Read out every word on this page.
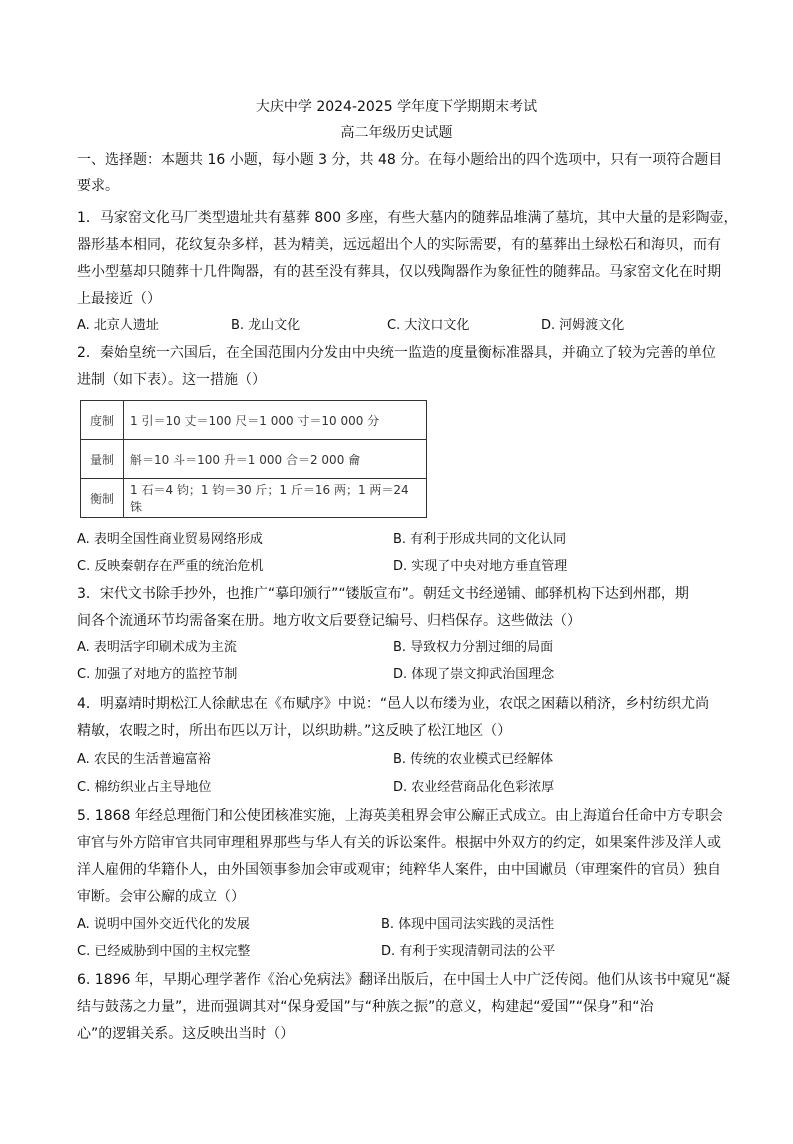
大庆中学 2024-2025 学年度下学期期末考试
高二年级历史试题
一、选择题：本题共 16 小题，每小题 3 分，共 48 分。在每小题给出的四个选项中，只有一项符合题目
要求。
1．马家窑文化马厂类型遗址共有墓葬 800 多座，有些大墓内的随葬品堆满了墓坑，其中大量的是彩陶壶，
器形基本相同，花纹复杂多样，甚为精美，远远超出个人的实际需要，有的墓葬出土绿松石和海贝，而有
些小型墓却只随葬十几件陶器，有的甚至没有葬具，仅以残陶器作为象征性的随葬品。马家窑文化在时期
上最接近（）
A. 北京人遗址	B. 龙山文化	C. 大汶口文化	D. 河姆渡文化
2．秦始皇统一六国后，在全国范围内分发由中央统一监造的度量衡标准器具，并确立了较为完善的单位
进制（如下表）。这一措施（）
度制	1 引＝10 丈＝100 尺＝1 000 寸＝10 000 分
量制	斛＝10 斗＝100 升＝1 000 合＝2 000 龠
衡制	1 石＝4 钧；1 钧＝30 斤；1 斤＝16 两；1 两＝24 铢
A. 表明全国性商业贸易网络形成	B. 有利于形成共同的文化认同
C. 反映秦朝存在严重的统治危机	D. 实现了中央对地方垂直管理
3．宋代文书除手抄外，也推广“摹印颁行”“镂版宣布”。朝廷文书经递铺、邮驿机构下达到州郡，期
间各个流通环节均需备案在册。地方收文后要登记编号、归档保存。这些做法（）
A. 表明活字印刷术成为主流	B. 导致权力分割过细的局面
C. 加强了对地方的监控节制	D. 体现了崇文抑武治国理念
4．明嘉靖时期松江人徐献忠在《布赋序》中说：“邑人以布缕为业，农氓之困藉以稍济，乡村纺织尤尚
精敏，农暇之时，所出布匹以万计，以织助耕。”这反映了松江地区（）
A. 农民的生活普遍富裕	B. 传统的农业模式已经解体
C. 棉纺织业占主导地位	D. 农业经营商品化色彩浓厚
5. 1868 年经总理衙门和公使团核准实施，上海英美租界会审公廨正式成立。由上海道台任命中方专职会
审官与外方陪审官共同审理租界那些与华人有关的诉讼案件。根据中外双方的约定，如果案件涉及洋人或
洋人雇佣的华籍仆人，由外国领事参加会审或观审；纯粹华人案件，由中国谳员（审理案件的官员）独自
审断。会审公廨的成立（）
A. 说明中国外交近代化的发展	B. 体现中国司法实践的灵活性
C. 已经威胁到中国的主权完整	D. 有利于实现清朝司法的公平
6. 1896 年，早期心理学著作《治心免病法》翻译出版后，在中国士人中广泛传阅。他们从该书中窥见“凝
结与鼓荡之力量”，进而强调其对“保身爱国”与“种族之振”的意义，构建起“爱国”“保身”和“治
心”的逻辑关系。这反映出当时（）
